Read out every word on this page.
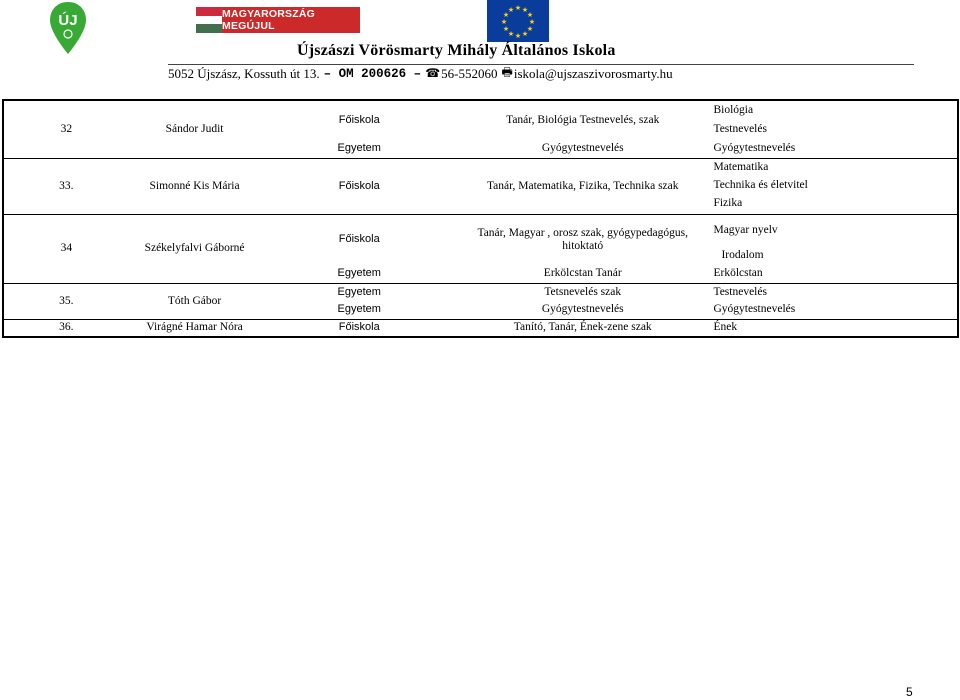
ÚJ	MAGYARORSZÁG MEGÚJUL
★ ★
★
★
★
★
★
★
★
★
★
★
Újszászi Vörösmarty Mihály Általános Iskola
5052 Újszász, Kossuth út 13. – OM 200626 – ☎ 56-552060 🖶 iskola@ujszaszivorosmarty.hu
32	Sándor Judit	Főiskola	Tanár, Biológia Testnevelés, szak	Biológia
				Testnevelés
		Egyetem	Gyógytestnevelés	Gyógytestnevelés
33.	Simonné Kis Mária	Főiskola	Tanár, Matematika, Fizika, Technika szak	Matematika
				Technika és életvitel
				Fizika
34	Székelyfalvi Gáborné	Főiskola	Tanár, Magyar , orosz szak, gyógypedagógus, hitoktató	Magyar nyelv
				Irodalom
		Egyetem	Erkölcstan Tanár	Erkölcstan
35.	Tóth Gábor	Egyetem	Tetsnevelés szak	Testnevelés
		Egyetem	Gyógytestnevelés	Gyógytestnevelés
36.	Virágné Hamar Nóra	Főiskola	Tanító, Tanár, Ének-zene szak	Ének
5
